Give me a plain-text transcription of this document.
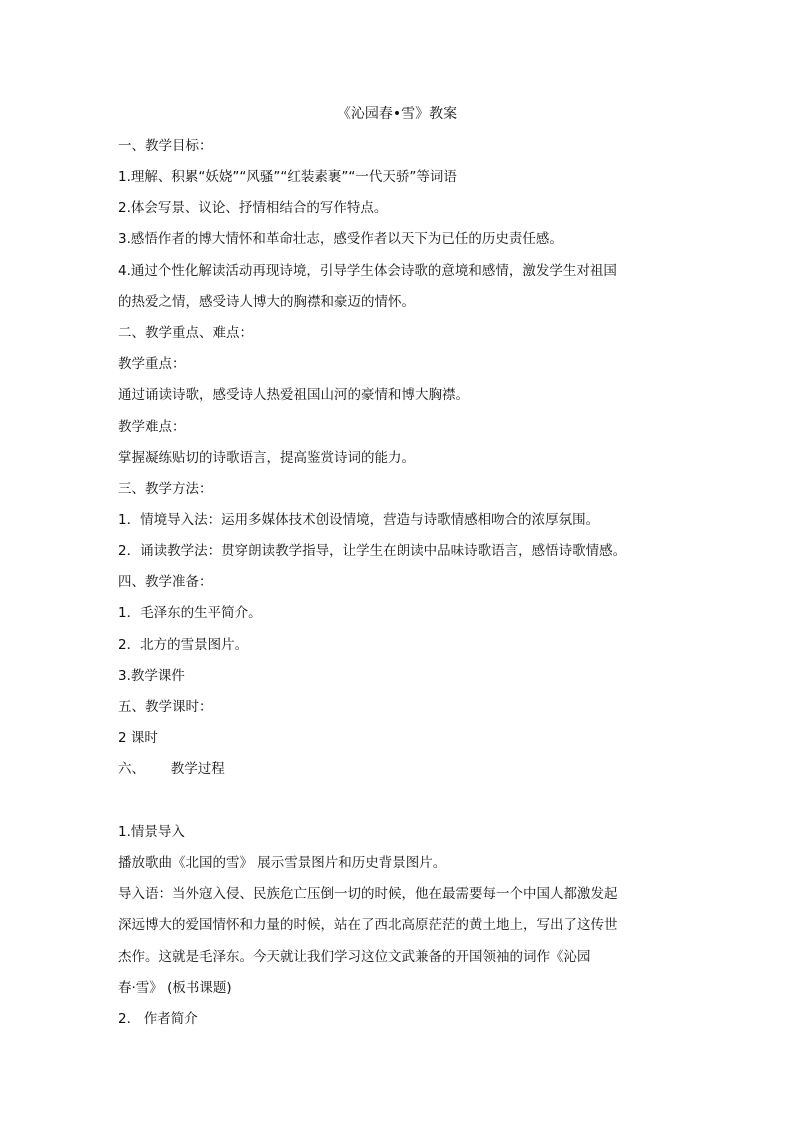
《沁园春•雪》教案
一、教学目标：
1.理解、积累“妖娆”“风骚”“红装素裹”“一代天骄”等词语
2.体会写景、议论、抒情相结合的写作特点。
3.感悟作者的博大情怀和革命壮志，感受作者以天下为已任的历史责任感。
4.通过个性化解读活动再现诗境，引导学生体会诗歌的意境和感情，激发学生对祖国
的热爱之情，感受诗人博大的胸襟和豪迈的情怀。
二、教学重点、难点：
教学重点：
通过诵读诗歌，感受诗人热爱祖国山河的豪情和博大胸襟。
教学难点：
掌握凝练贴切的诗歌语言，提高鉴赏诗词的能力。
三、教学方法：
1．情境导入法：运用多媒体技术创设情境，营造与诗歌情感相吻合的浓厚氛围。
2．诵读教学法：贯穿朗读教学指导，让学生在朗读中品味诗歌语言，感悟诗歌情感。
四、教学准备：
1．毛泽东的生平简介。
2．北方的雪景图片。
3.教学课件
五、教学课时：
2 课时
六、      教学过程
1.情景导入
播放歌曲《北国的雪》 展示雪景图片和历史背景图片。
导入语：当外寇入侵、民族危亡压倒一切的时候，他在最需要每一个中国人都激发起
深远博大的爱国情怀和力量的时候，站在了西北高原茫茫的黄土地上，写出了这传世
杰作。这就是毛泽东。今天就让我们学习这位文武兼备的开国领袖的词作《沁园
春·雪》 (板书课题)
2.   作者简介
